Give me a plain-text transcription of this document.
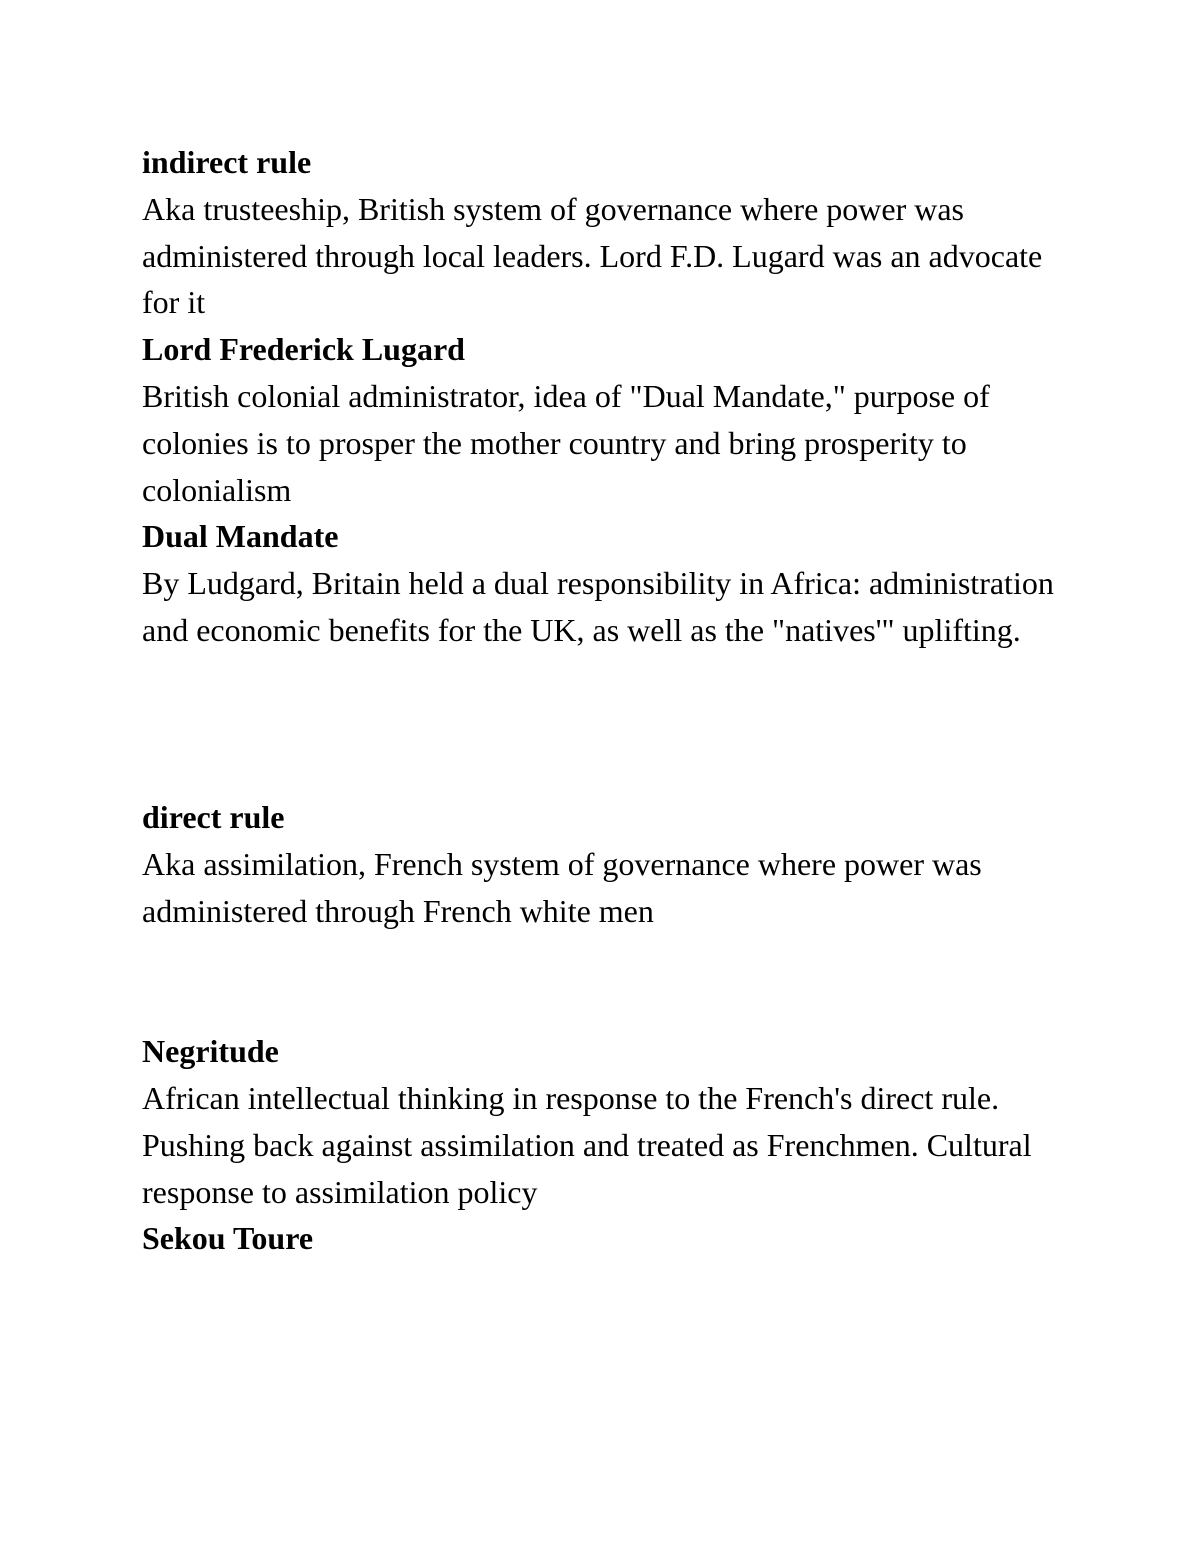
indirect rule

Aka trusteeship, British system of governance where power was administered through local leaders. Lord F.D. Lugard was an advocate for it

Lord Frederick Lugard

British colonial administrator, idea of "Dual Mandate," purpose of colonies is to prosper the mother country and bring prosperity to colonialism

Dual Mandate

By Ludgard, Britain held a dual responsibility in Africa: administration and economic benefits for the UK, as well as the "natives'" uplifting.

direct rule

Aka assimilation, French system of governance where power was administered through French white men

Negritude

African intellectual thinking in response to the French's direct rule. Pushing back against assimilation and treated as Frenchmen. Cultural response to assimilation policy

Sekou Toure
